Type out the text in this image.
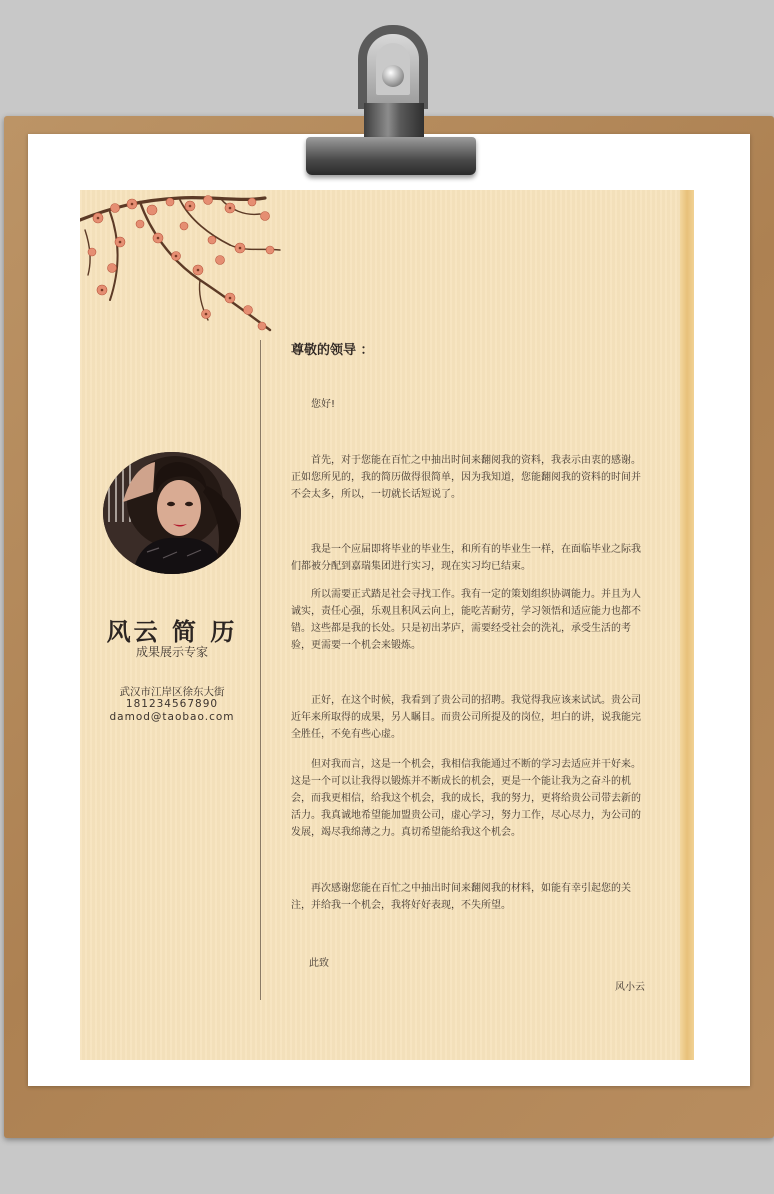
风云 简 历
成果展示专家
武汉市江岸区徐东大街
181234567890
damod@taobao.com
尊敬的领导 ：

您好!

首先，对于您能在百忙之中抽出时间来翻阅我的资料，我表示由衷的感谢。正如您所见的，我的简历做得很简单，因为我知道，您能翻阅我的资料的时间并不会太多，所以，一切就长话短说了。

我是一个应届即将毕业的毕业生，和所有的毕业生一样，在面临毕业之际我们都被分配到嘉瑞集团进行实习，现在实习均已结束。

所以需要正式踏足社会寻找工作。我有一定的策划组织协调能力。并且为人诚实，责任心强，乐观且积风云向上，能吃苦耐劳，学习领悟和适应能力也都不错。这些都是我的长处。只是初出茅庐，需要经受社会的洗礼，承受生活的考验，更需要一个机会来锻炼。

正好，在这个时候，我看到了贵公司的招聘。我觉得我应该来试试。贵公司近年来所取得的成果，另人瞩目。而贵公司所提及的岗位，坦白的讲，说我能完全胜任，不免有些心虚。

但对我而言，这是一个机会，我相信我能通过不断的学习去适应并干好来。这是一个可以让我得以锻炼并不断成长的机会，更是一个能让我为之奋斗的机会，而我更相信，给我这个机会，我的成长，我的努力，更将给贵公司带去新的活力。我真诚地希望能加盟贵公司，虚心学习，努力工作，尽心尽力，为公司的发展，竭尽我绵薄之力。真切希望能给我这个机会。

再次感谢您能在百忙之中抽出时间来翻阅我的材料，如能有幸引起您的关注，并给我一个机会，我将好好表现，不失所望。

此致
风小云
